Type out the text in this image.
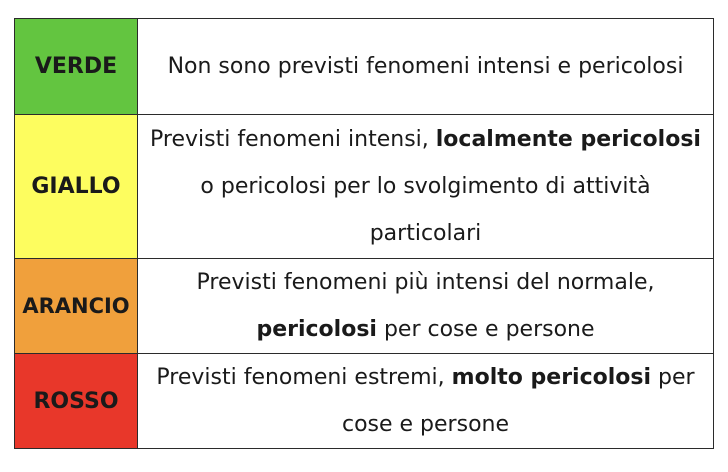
VERDE	Non sono previsti fenomeni intensi e pericolosi
GIALLO	Previsti fenomeni intensi, localmente pericolosi o pericolosi per lo svolgimento di attività particolari
ARANCIO	Previsti fenomeni più intensi del normale, pericolosi per cose e persone
ROSSO	Previsti fenomeni estremi, molto pericolosi per cose e persone
